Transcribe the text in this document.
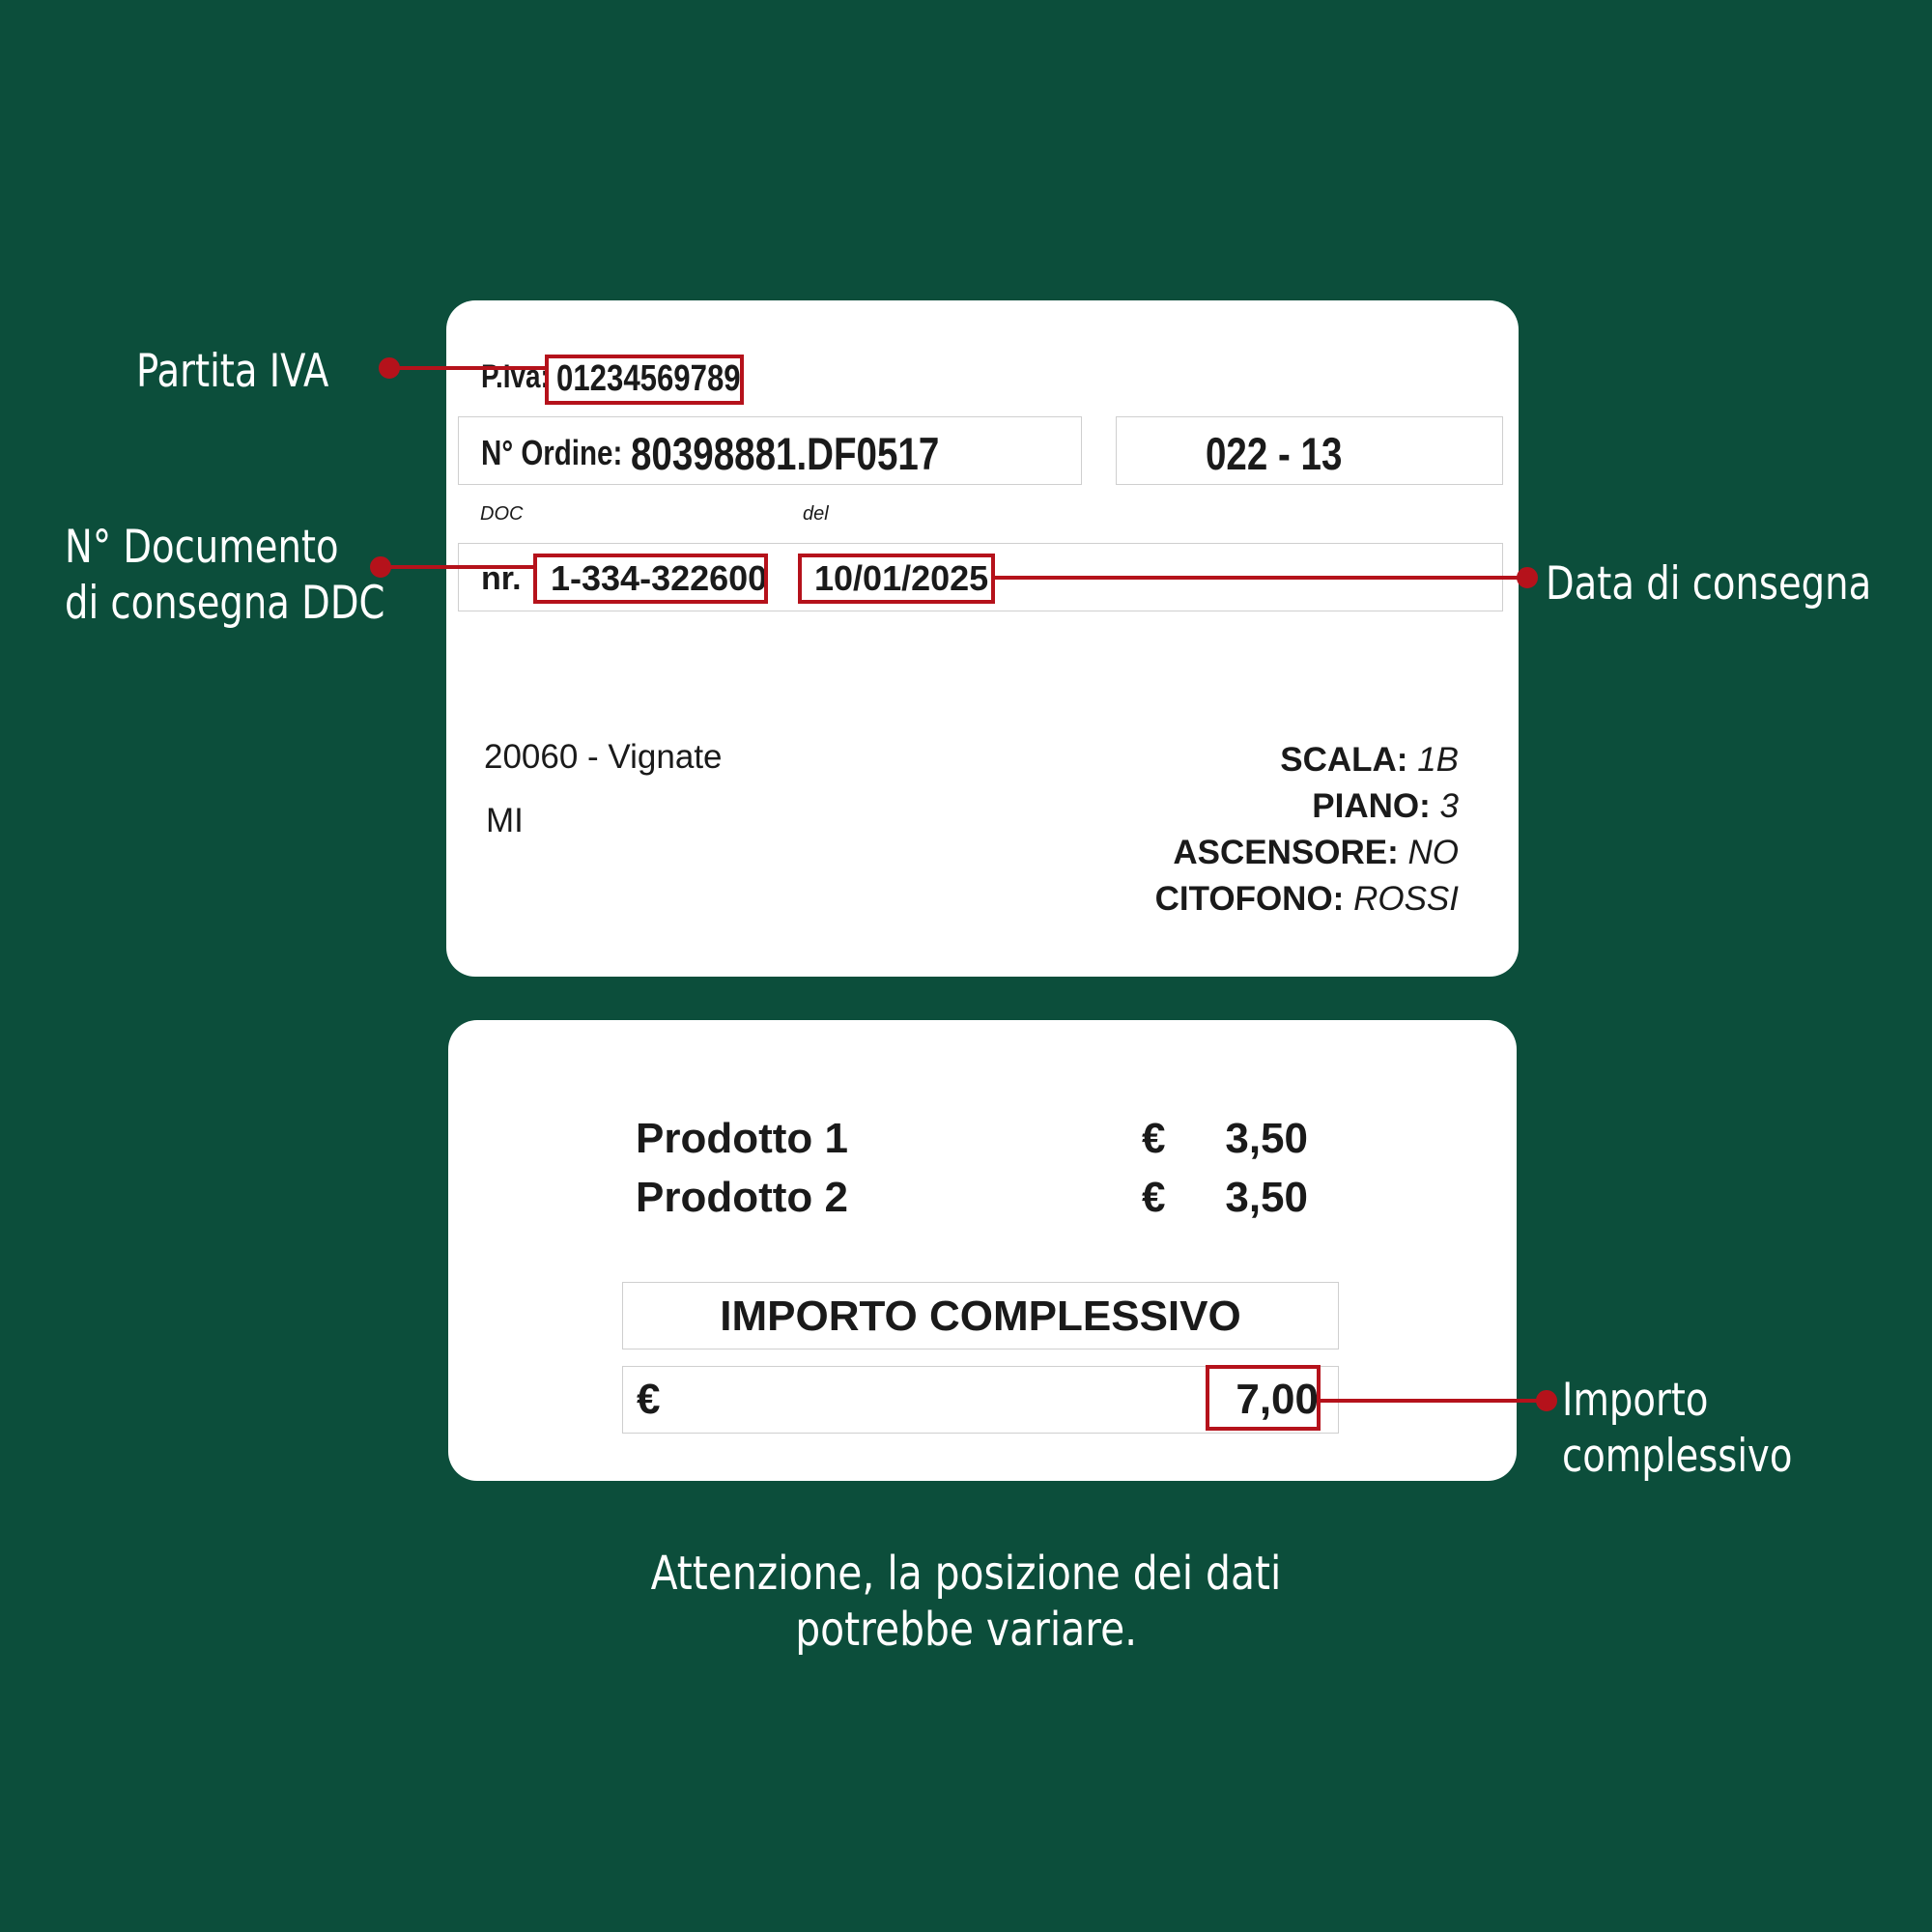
Partita IVA
N° Documento
di consegna DDC	Data di consegna
Importo
complessivo
P.Iva: 01234569789
N° Ordine: 80398881.DF0517	022 - 13
DOC	del
nr. 1-334-322600 10/01/2025
20060 - Vignate
MI
SCALA: 1B
PIANO: 3
ASCENSORE: NO
CITOFONO: ROSSI
Prodotto 1	€	3,50
Prodotto 2	€	3,50
IMPORTO COMPLESSIVO
€	7,00
Attenzione, la posizione dei dati
potrebbe variare.
